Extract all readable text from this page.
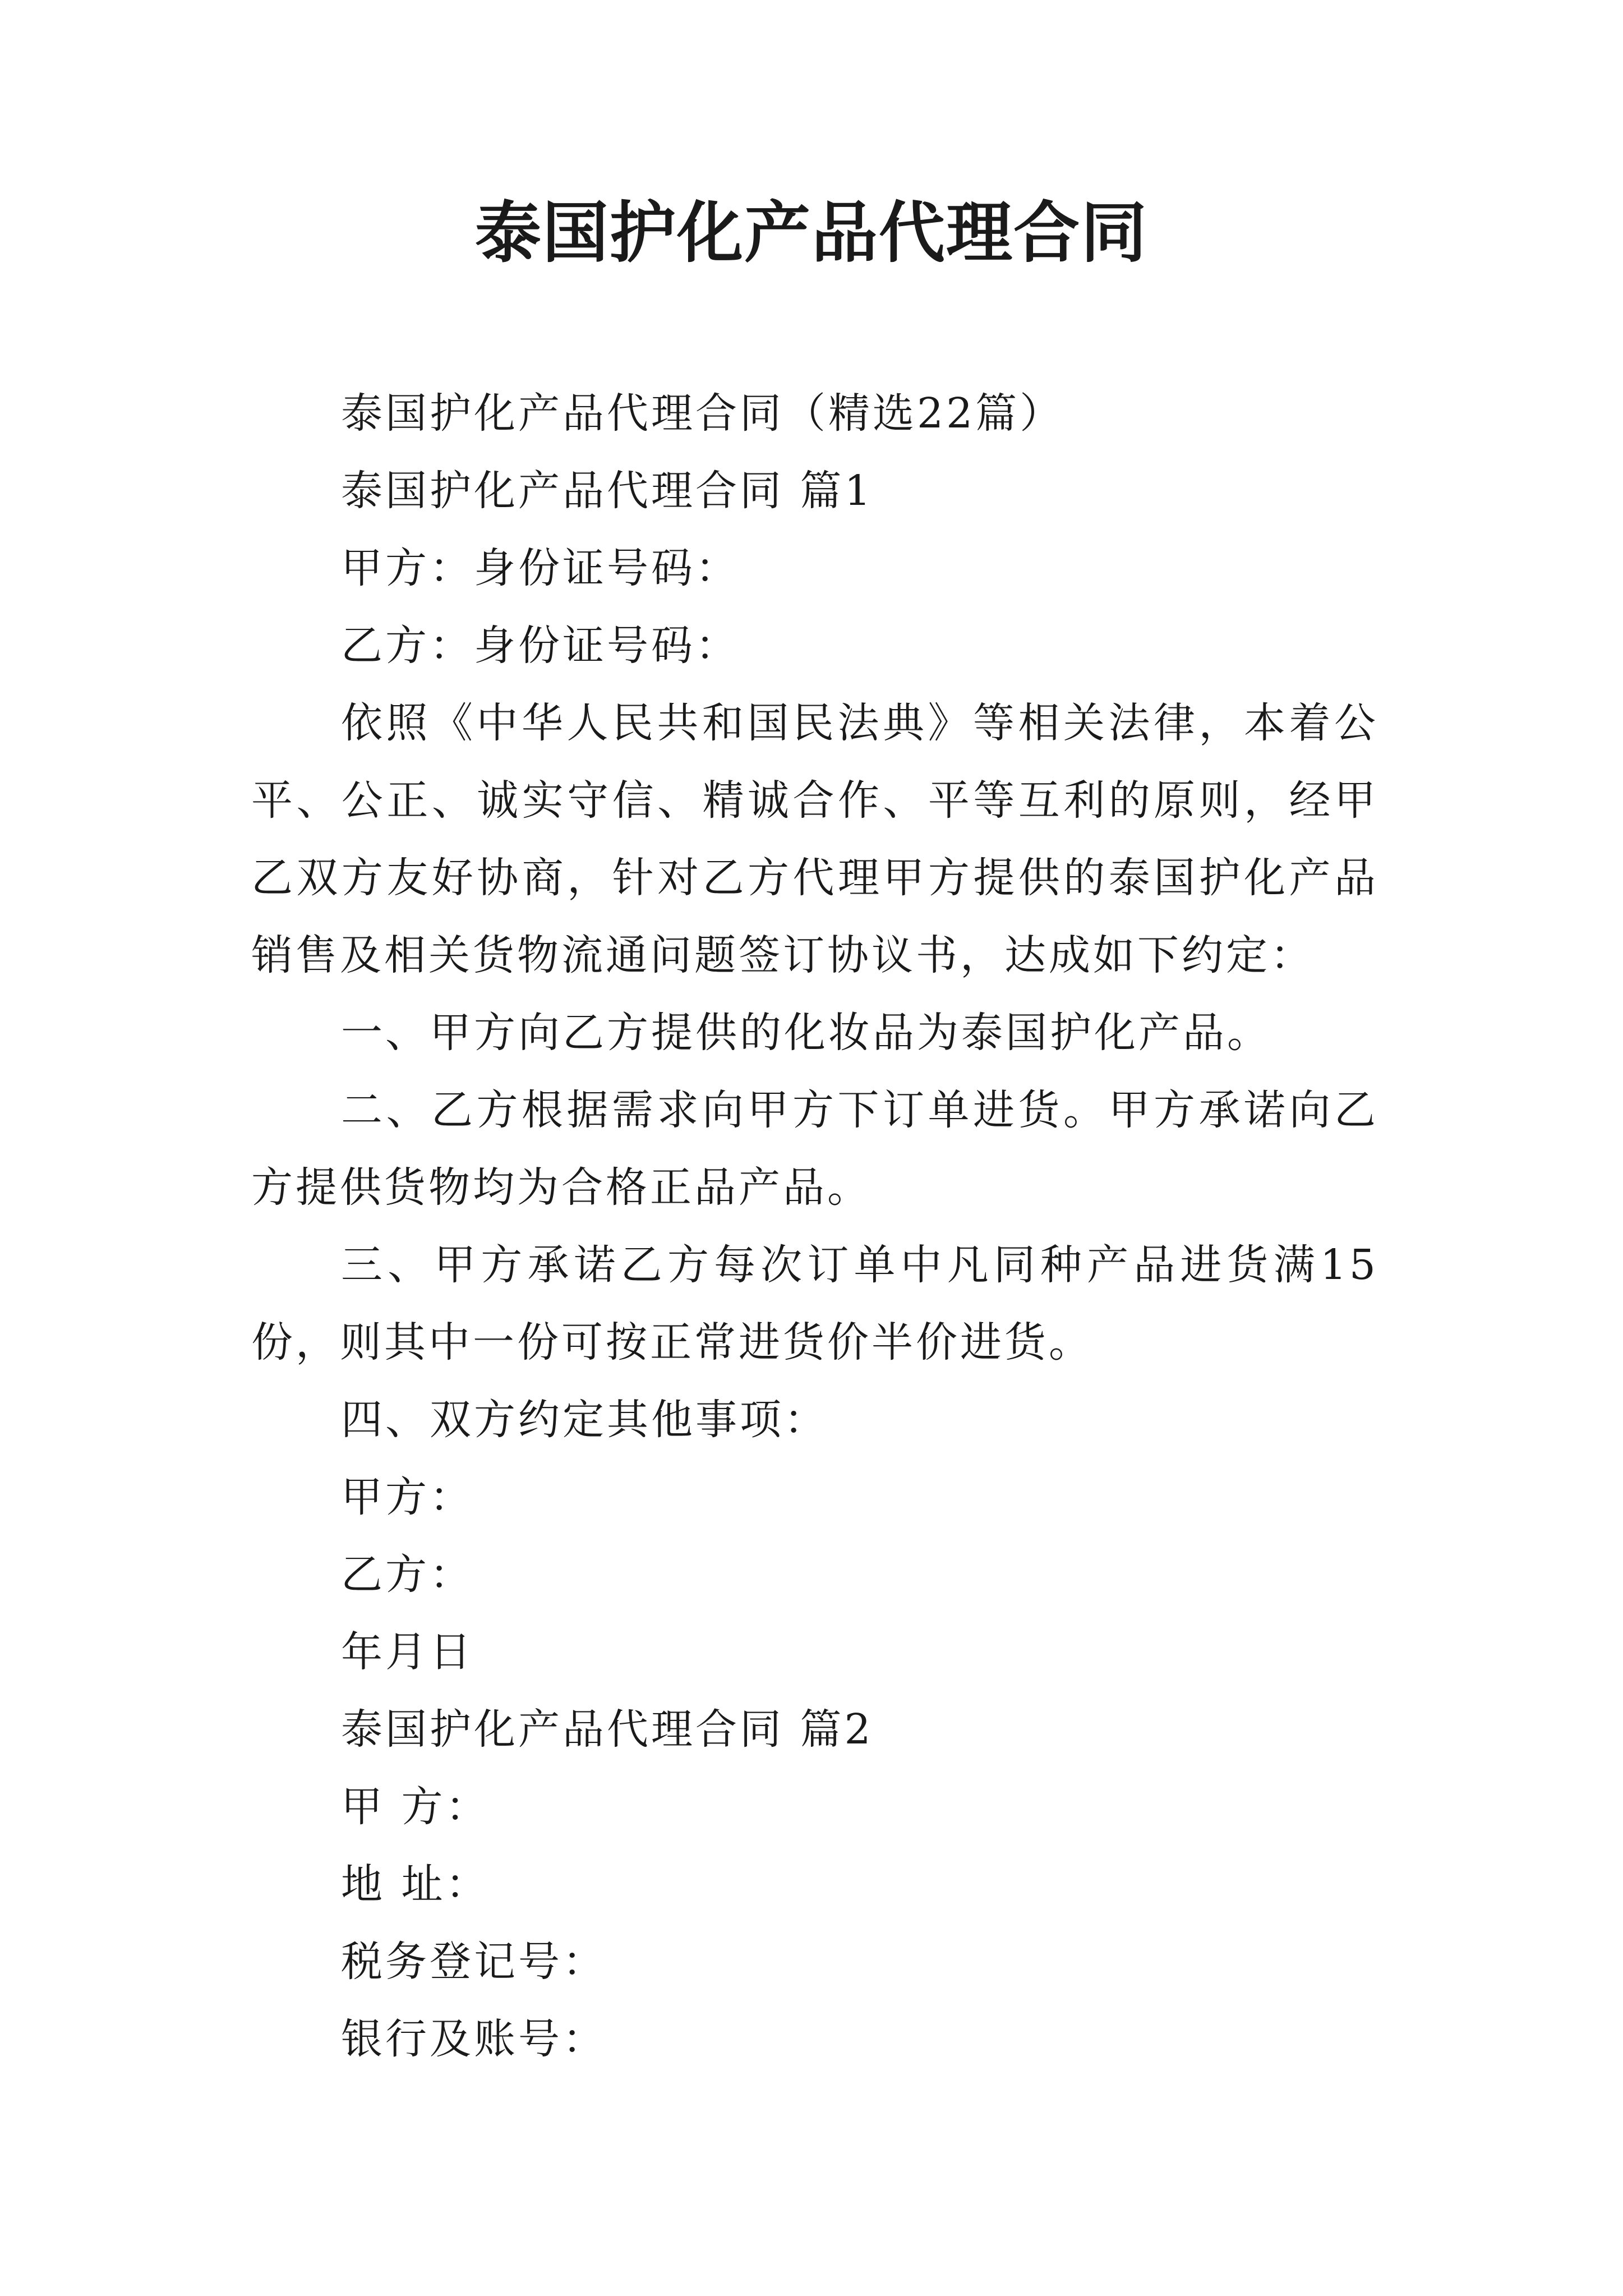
泰国护化产品代理合同

泰国护化产品代理合同（精选22篇）

泰国护化产品代理合同 篇1

甲方：身份证号码：

乙方：身份证号码：

依照《中华人民共和国民法典》等相关法律，本着公平、公正、诚实守信、精诚合作、平等互利的原则，经甲乙双方友好协商，针对乙方代理甲方提供的泰国护化产品销售及相关货物流通问题签订协议书，达成如下约定：

一、甲方向乙方提供的化妆品为泰国护化产品。

二、乙方根据需求向甲方下订单进货。甲方承诺向乙方提供货物均为合格正品产品。

三、甲方承诺乙方每次订单中凡同种产品进货满15份，则其中一份可按正常进货价半价进货。

四、双方约定其他事项：

甲方：

乙方：

年月日

泰国护化产品代理合同 篇2

甲 方：

地 址：

税务登记号：

银行及账号：
